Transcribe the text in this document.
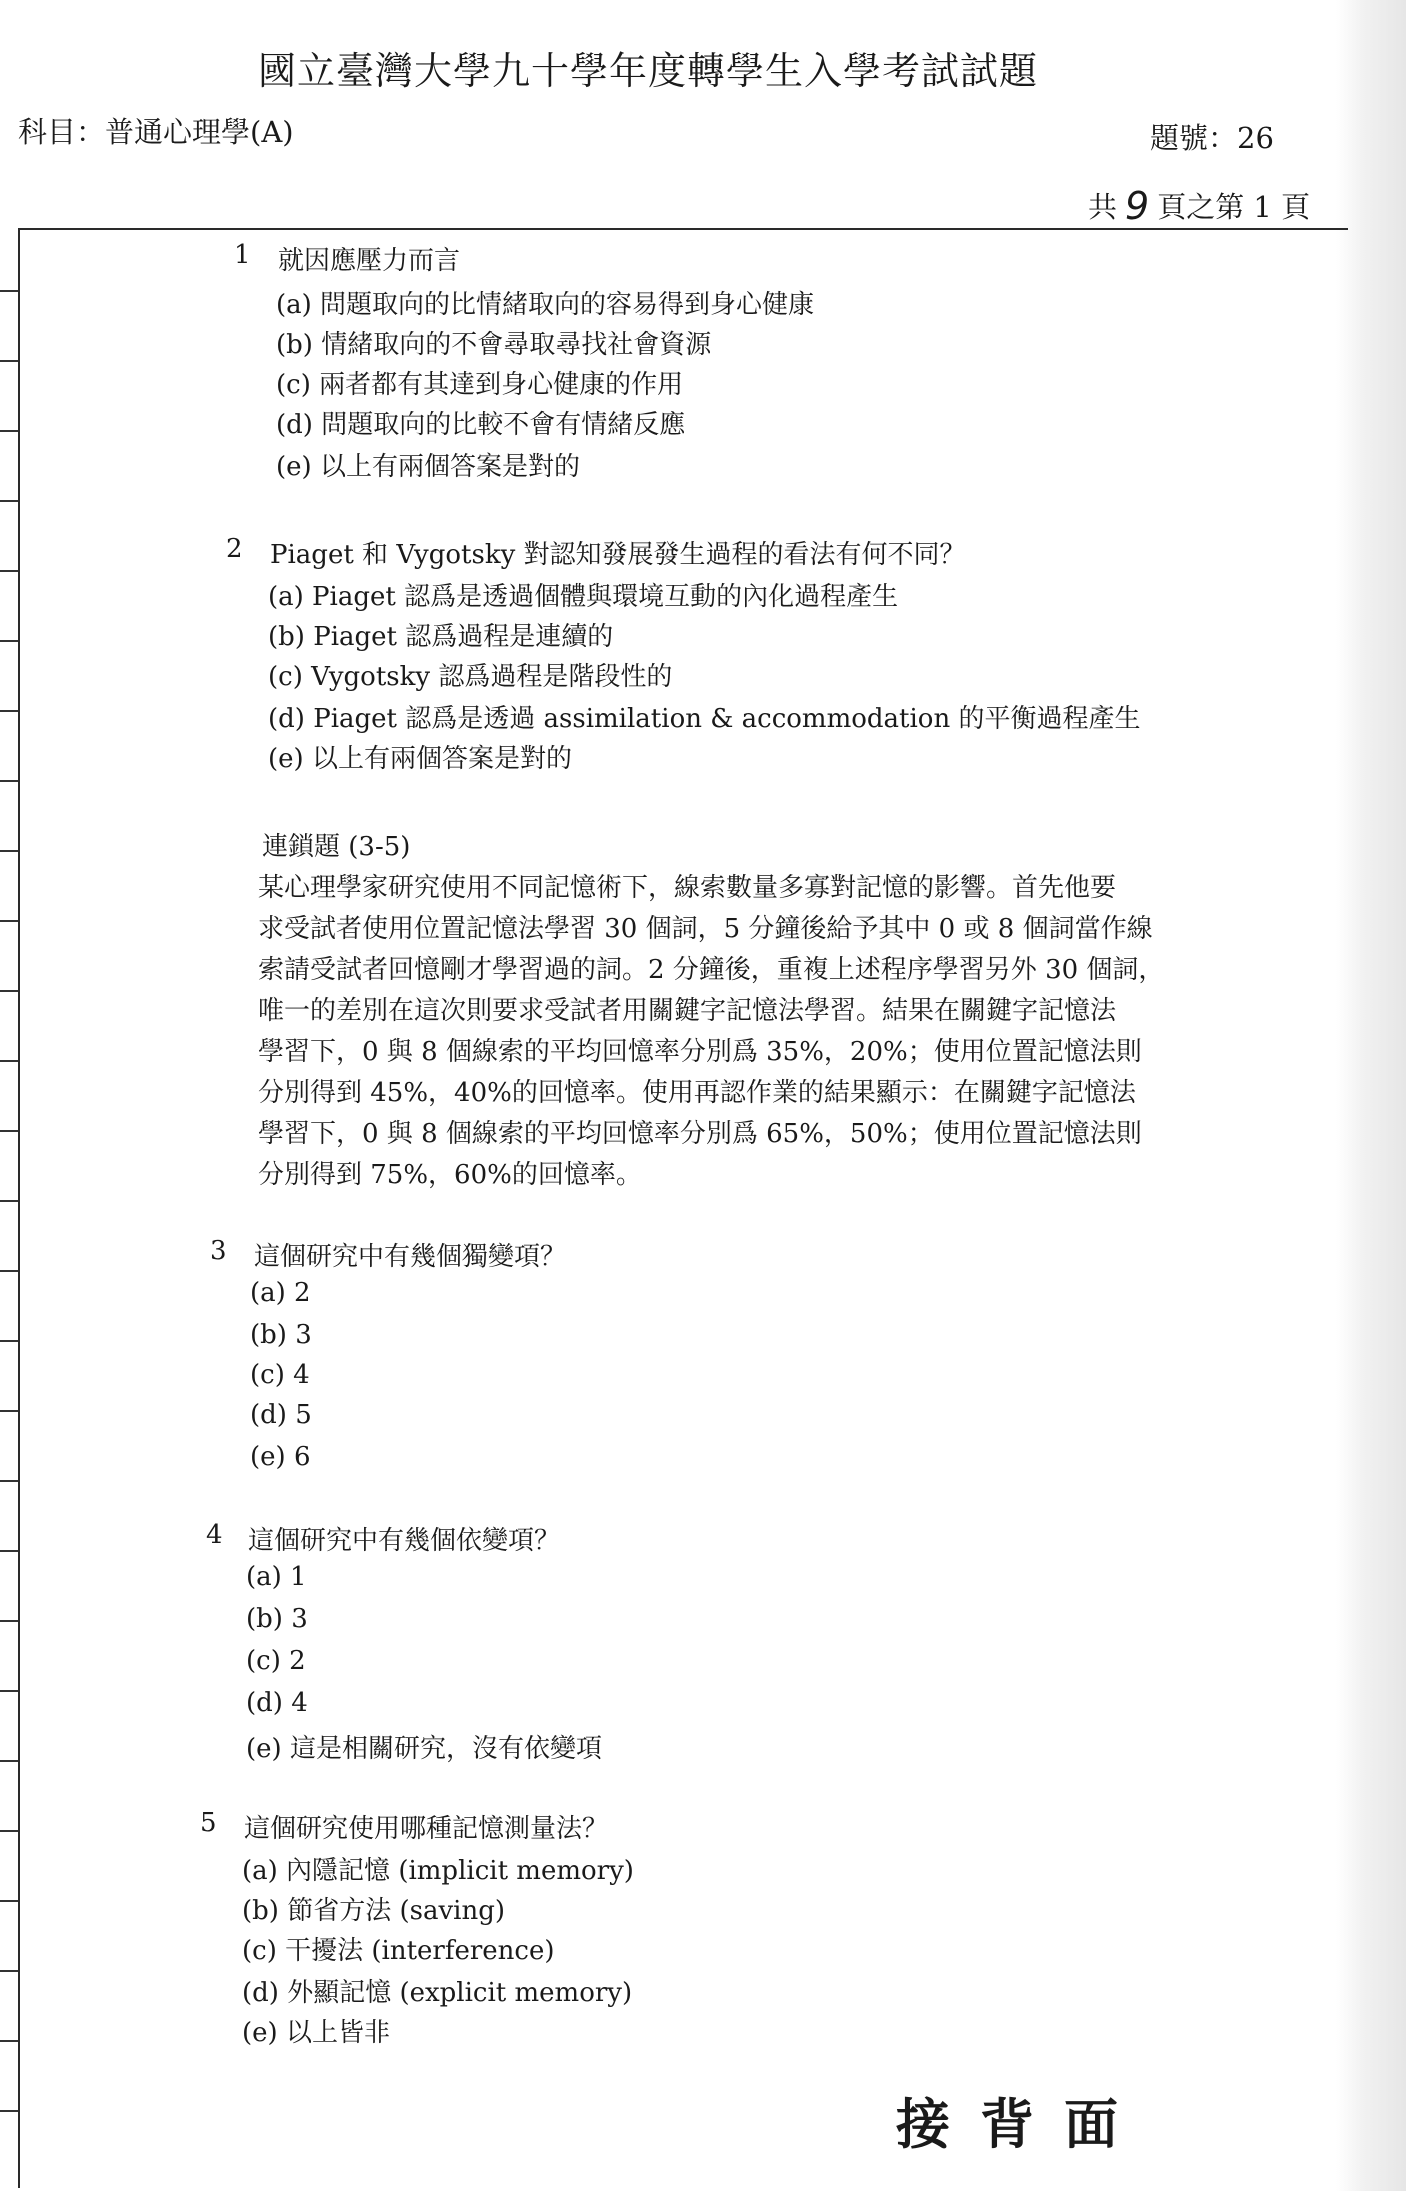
國立臺灣大學九十學年度轉學生入學考試試題
科目：普通心理學(A)	題號：26
共 9 頁之第 1 頁
1 就因應壓力而言
(a) 問題取向的比情緒取向的容易得到身心健康
(b) 情緒取向的不會尋取尋找社會資源
(c) 兩者都有其達到身心健康的作用
(d) 問題取向的比較不會有情緒反應
(e) 以上有兩個答案是對的
2 Piaget 和 Vygotsky 對認知發展發生過程的看法有何不同？
(a) Piaget 認爲是透過個體與環境互動的內化過程產生
(b) Piaget 認爲過程是連續的
(c) Vygotsky 認爲過程是階段性的
(d) Piaget 認爲是透過 assimilation & accommodation 的平衡過程產生
(e) 以上有兩個答案是對的
連鎖題 (3-5)
某心理學家研究使用不同記憶術下，線索數量多寡對記憶的影響。首先他要
求受試者使用位置記憶法學習 30 個詞，5 分鐘後給予其中 0 或 8 個詞當作線
索請受試者回憶剛才學習過的詞。2 分鐘後，重複上述程序學習另外 30 個詞，
唯一的差別在這次則要求受試者用關鍵字記憶法學習。結果在關鍵字記憶法
學習下，0 與 8 個線索的平均回憶率分別爲 35%，20%；使用位置記憶法則
分別得到 45%，40%的回憶率。使用再認作業的結果顯示：在關鍵字記憶法
學習下，0 與 8 個線索的平均回憶率分別爲 65%，50%；使用位置記憶法則
分別得到 75%，60%的回憶率。
3 這個研究中有幾個獨變項？
(a) 2
(b) 3
(c) 4
(d) 5
(e) 6
4 這個研究中有幾個依變項？
(a) 1
(b) 3
(c) 2
(d) 4
(e) 這是相關研究，沒有依變項
5 這個研究使用哪種記憶測量法？
(a) 內隱記憶 (implicit memory)
(b) 節省方法 (saving)
(c) 干擾法 (interference)
(d) 外顯記憶 (explicit memory)
(e) 以上皆非
接背面
